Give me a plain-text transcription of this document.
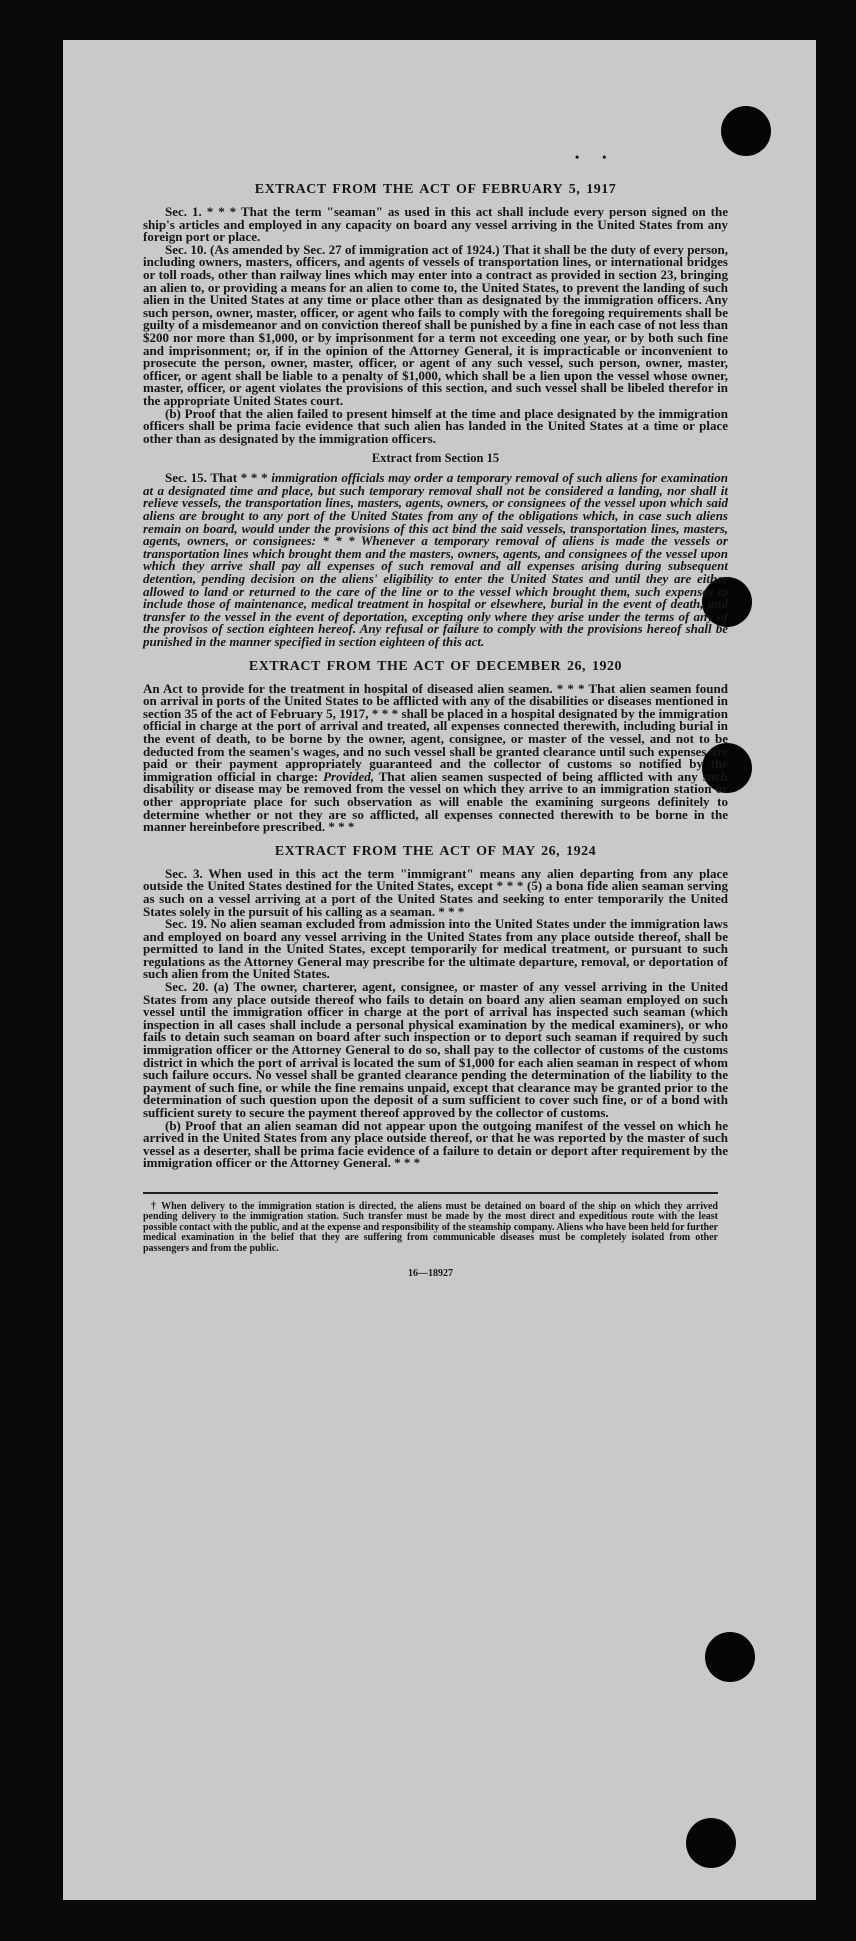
• •
EXTRACT FROM THE ACT OF FEBRUARY 5, 1917

Sec. 1. * * * That the term "seaman" as used in this act shall include every person signed on the ship's articles and employed in any capacity on board any vessel arriving in the United States from any foreign port or place.

Sec. 10. (As amended by Sec. 27 of immigration act of 1924.) That it shall be the duty of every person, including owners, masters, officers, and agents of vessels of transportation lines, or international bridges or toll roads, other than railway lines which may enter into a contract as provided in section 23, bringing an alien to, or providing a means for an alien to come to, the United States, to prevent the landing of such alien in the United States at any time or place other than as designated by the immigration officers. Any such person, owner, master, officer, or agent who fails to comply with the foregoing requirements shall be guilty of a misdemeanor and on conviction thereof shall be punished by a fine in each case of not less than $200 nor more than $1,000, or by imprisonment for a term not exceeding one year, or by both such fine and imprisonment; or, if in the opinion of the Attorney General, it is impracticable or inconvenient to prosecute the person, owner, master, officer, or agent of any such vessel, such person, owner, master, officer, or agent shall be liable to a penalty of $1,000, which shall be a lien upon the vessel whose owner, master, officer, or agent violates the provisions of this section, and such vessel shall be libeled therefor in the appropriate United States court.

(b) Proof that the alien failed to present himself at the time and place designated by the immigration officers shall be prima facie evidence that such alien has landed in the United States at a time or place other than as designated by the immigration officers.

Extract from Section 15

Sec. 15. That * * * immigration officials may order a temporary removal of such aliens for examination at a designated time and place, but such temporary removal shall not be considered a landing, nor shall it relieve vessels, the transportation lines, masters, agents, owners, or consignees of the vessel upon which said aliens are brought to any port of the United States from any of the obligations which, in case such aliens remain on board, would under the provisions of this act bind the said vessels, transportation lines, masters, agents, owners, or consignees: * * * Whenever a temporary removal of aliens is made the vessels or transportation lines which brought them and the masters, owners, agents, and consignees of the vessel upon which they arrive shall pay all expenses of such removal and all expenses arising during subsequent detention, pending decision on the aliens' eligibility to enter the United States and until they are either allowed to land or returned to the care of the line or to the vessel which brought them, such expenses to include those of maintenance, medical treatment in hospital or elsewhere, burial in the event of death, and transfer to the vessel in the event of deportation, excepting only where they arise under the terms of any of the provisos of section eighteen hereof. Any refusal or failure to comply with the provisions hereof shall be punished in the manner specified in section eighteen of this act.

EXTRACT FROM THE ACT OF DECEMBER 26, 1920

An Act to provide for the treatment in hospital of diseased alien seamen. * * * That alien seamen found on arrival in ports of the United States to be afflicted with any of the disabilities or diseases mentioned in section 35 of the act of February 5, 1917, * * * shall be placed in a hospital designated by the immigration official in charge at the port of arrival and treated, all expenses connected therewith, including burial in the event of death, to be borne by the owner, agent, consignee, or master of the vessel, and not to be deducted from the seamen's wages, and no such vessel shall be granted clearance until such expenses are paid or their payment appropriately guaranteed and the collector of customs so notified by the immigration official in charge: Provided, That alien seamen suspected of being afflicted with any such disability or disease may be removed from the vessel on which they arrive to an immigration station or other appropriate place for such observation as will enable the examining surgeons definitely to determine whether or not they are so afflicted, all expenses connected therewith to be borne in the manner hereinbefore prescribed. * * *

EXTRACT FROM THE ACT OF MAY 26, 1924

Sec. 3. When used in this act the term "immigrant" means any alien departing from any place outside the United States destined for the United States, except * * * (5) a bona fide alien seaman serving as such on a vessel arriving at a port of the United States and seeking to enter temporarily the United States solely in the pursuit of his calling as a seaman. * * *

Sec. 19. No alien seaman excluded from admission into the United States under the immigration laws and employed on board any vessel arriving in the United States from any place outside thereof, shall be permitted to land in the United States, except temporarily for medical treatment, or pursuant to such regulations as the Attorney General may prescribe for the ultimate departure, removal, or deportation of such alien from the United States.

Sec. 20. (a) The owner, charterer, agent, consignee, or master of any vessel arriving in the United States from any place outside thereof who fails to detain on board any alien seaman employed on such vessel until the immigration officer in charge at the port of arrival has inspected such seaman (which inspection in all cases shall include a personal physical examination by the medical examiners), or who fails to detain such seaman on board after such inspection or to deport such seaman if required by such immigration officer or the Attorney General to do so, shall pay to the collector of customs of the customs district in which the port of arrival is located the sum of $1,000 for each alien seaman in respect of whom such failure occurs. No vessel shall be granted clearance pending the determination of the liability to the payment of such fine, or while the fine remains unpaid, except that clearance may be granted prior to the determination of such question upon the deposit of a sum sufficient to cover such fine, or of a bond with sufficient surety to secure the payment thereof approved by the collector of customs.

(b) Proof that an alien seaman did not appear upon the outgoing manifest of the vessel on which he arrived in the United States from any place outside thereof, or that he was reported by the master of such vessel as a deserter, shall be prima facie evidence of a failure to detain or deport after requirement by the immigration officer or the Attorney General. * * *

† When delivery to the immigration station is directed, the aliens must be detained on board of the ship on which they arrived pending delivery to the immigration station. Such transfer must be made by the most direct and expeditious route with the least possible contact with the public, and at the expense and responsibility of the steamship company. Aliens who have been held for further medical examination in the belief that they are suffering from communicable diseases must be completely isolated from other passengers and from the public.

16—18927
